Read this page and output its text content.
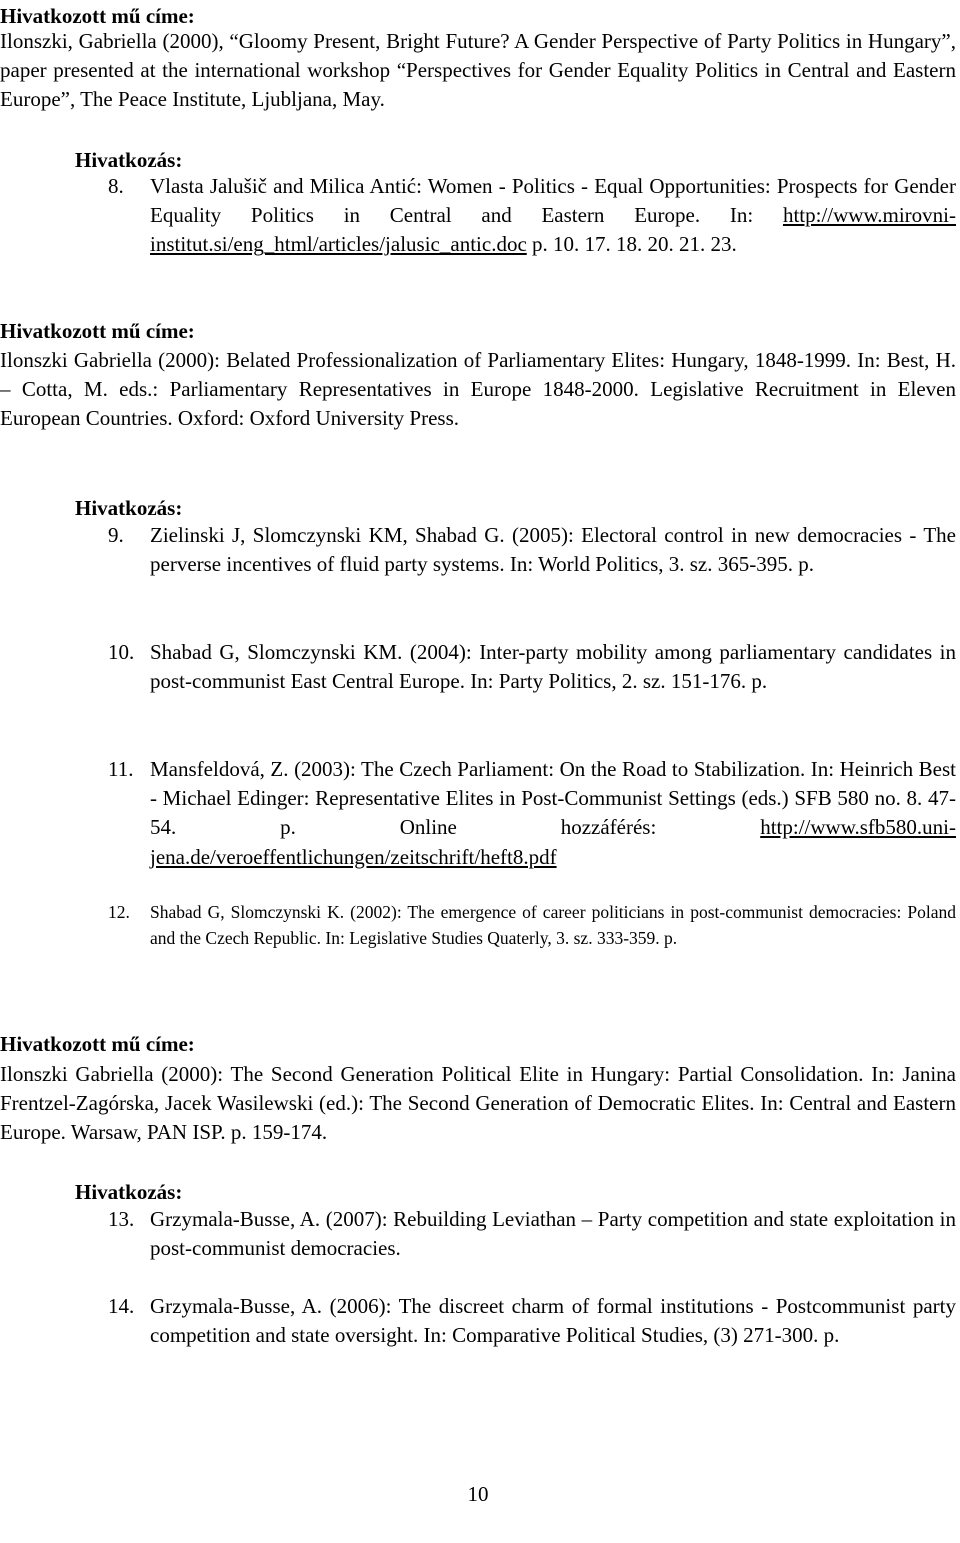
Hivatkozott mű címe:

Ilonszki, Gabriella (2000), “Gloomy Present, Bright Future? A Gender Perspective of Party Politics in Hungary”, paper presented at the international workshop “Perspectives for Gender Equality Politics in Central and Eastern Europe”, The Peace Institute, Ljubljana, May.

Hivatkozás:
8.	Vlasta Jalušič and Milica Antić: Women - Politics - Equal Opportunities: Prospects for Gender Equality Politics in Central and Eastern Europe. In: http://www.mirovni-institut.si/eng_html/articles/jalusic_antic.doc p. 10. 17. 18. 20. 21. 23.

Hivatkozott mű címe:

Ilonszki Gabriella (2000): Belated Professionalization of Parliamentary Elites: Hungary, 1848-1999. In: Best, H. – Cotta, M. eds.: Parliamentary Representatives in Europe 1848-2000. Legislative Recruitment in Eleven European Countries. Oxford: Oxford University Press.

Hivatkozás:
9.	Zielinski J, Slomczynski KM, Shabad G. (2005): Electoral control in new democracies - The perverse incentives of fluid party systems. In: World Politics, 3. sz. 365-395. p.

10. Shabad G, Slomczynski KM. (2004): Inter-party mobility among parliamentary candidates in post-communist East Central Europe. In: Party Politics, 2. sz. 151-176. p.

11. Mansfeldová, Z. (2003): The Czech Parliament: On the Road to Stabilization. In: Heinrich Best - Michael Edinger: Representative Elites in Post-Communist Settings (eds.) SFB 580 no. 8. 47-54. p. Online hozzáférés:	http://www.sfb580.uni-jena.de/veroeffentlichungen/zeitschrift/heft8.pdf

12.	Shabad G, Slomczynski K. (2002): The emergence of career politicians in post-communist democracies: Poland and the Czech Republic. In: Legislative Studies Quaterly, 3. sz. 333-359. p.

Hivatkozott mű címe:

Ilonszki Gabriella (2000): The Second Generation Political Elite in Hungary: Partial Consolidation. In: Janina Frentzel-Zagórska, Jacek Wasilewski (ed.): The Second Generation of Democratic Elites. In: Central and Eastern Europe. Warsaw, PAN ISP. p. 159-174.

Hivatkozás:
13. Grzymala-Busse, A. (2007): Rebuilding Leviathan – Party competition and state exploitation in post-communist democracies.

14. Grzymala-Busse, A. (2006): The discreet charm of formal institutions - Postcommunist party competition and state oversight. In: Comparative Political Studies, (3) 271-300. p.

10
